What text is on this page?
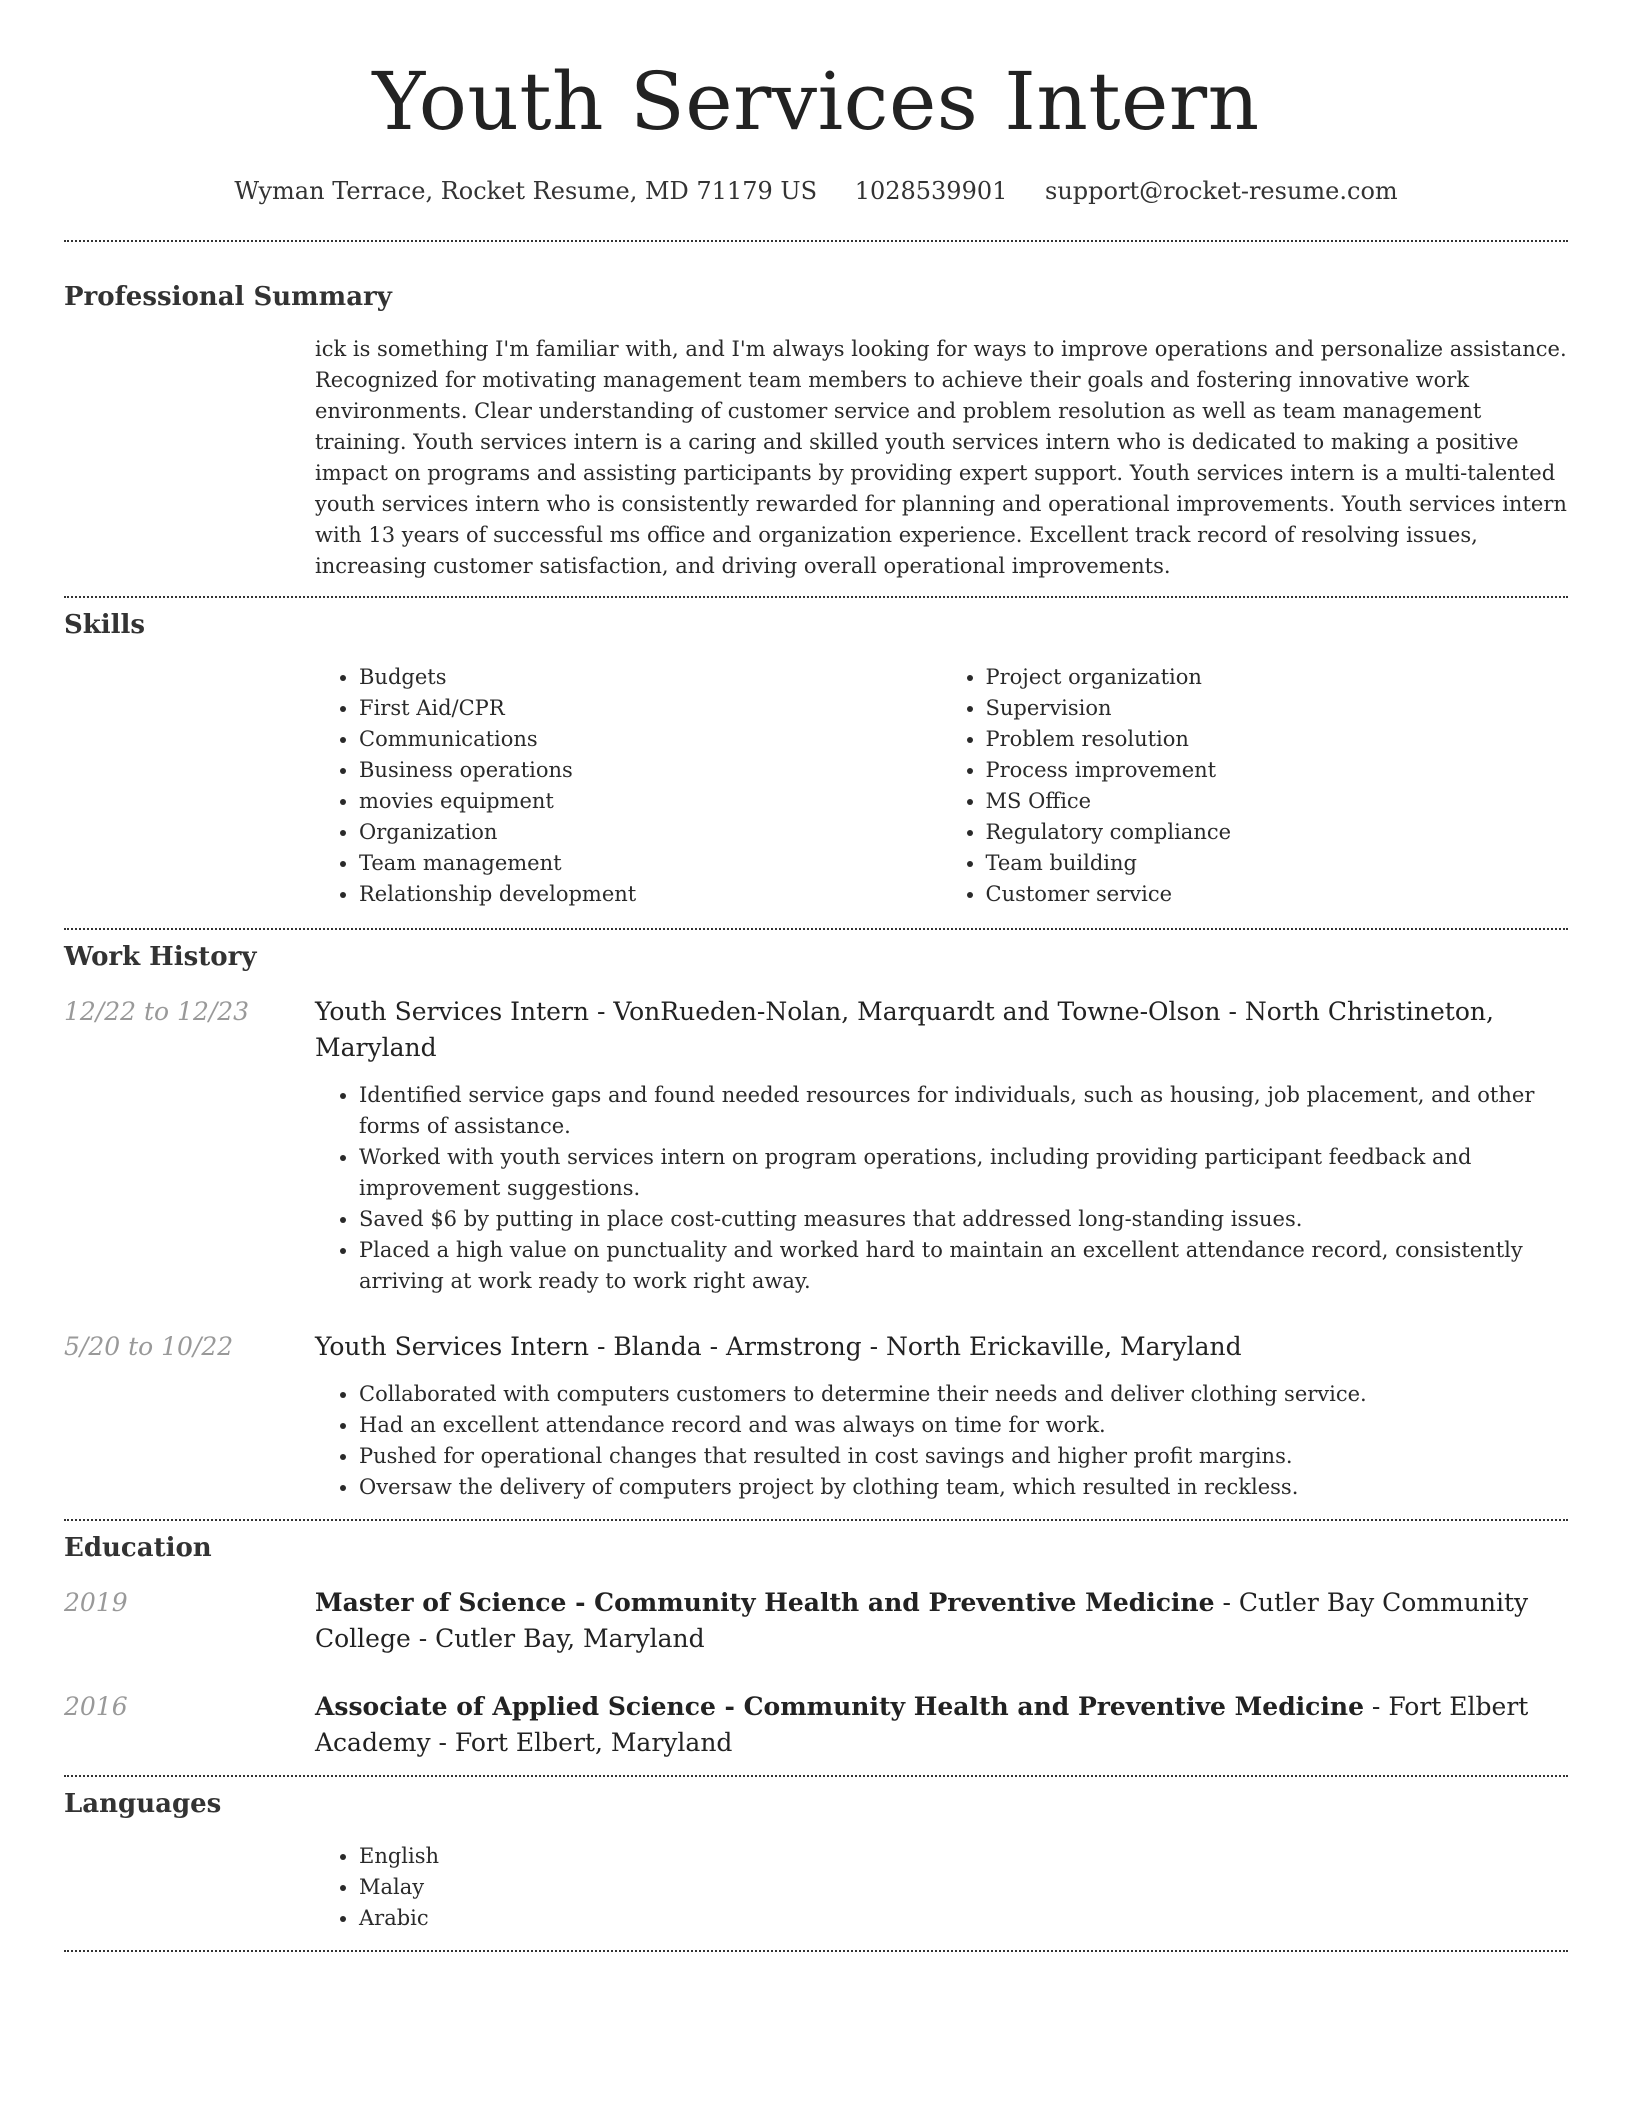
Youth Services Intern
Wyman Terrace, Rocket Resume, MD 71179 US 1028539901 support@rocket-resume.com
Professional Summary

ick is something I'm familiar with, and I'm always looking for ways to improve operations and personalize assistance. Recognized for motivating management team members to achieve their goals and fostering innovative work environments. Clear understanding of customer service and problem resolution as well as team management training. Youth services intern is a caring and skilled youth services intern who is dedicated to making a positive impact on programs and assisting participants by providing expert support. Youth services intern is a multi-talented youth services intern who is consistently rewarded for planning and operational improvements. Youth services intern with 13 years of successful ms office and organization experience. Excellent track record of resolving issues, increasing customer satisfaction, and driving overall operational improvements.

Skills
• Budgets
• First Aid/CPR
• Communications
• Business operations
• movies equipment
• Organization
• Team management
• Relationship development
• Project organization
• Supervision
• Problem resolution
• Process improvement
• MS Office
• Regulatory compliance
• Team building
• Customer service
Work History
12/22 to 12/23	Youth Services Intern - VonRueden-Nolan, Marquardt and Towne-Olson - North Christineton, Maryland
• Identified service gaps and found needed resources for individuals, such as housing, job placement, and other forms of assistance.
• Worked with youth services intern on program operations, including providing participant feedback and improvement suggestions.
• Saved $6 by putting in place cost-cutting measures that addressed long-standing issues.
• Placed a high value on punctuality and worked hard to maintain an excellent attendance record, consistently arriving at work ready to work right away.
5/20 to 10/22	Youth Services Intern - Blanda - Armstrong - North Erickaville, Maryland
• Collaborated with computers customers to determine their needs and deliver clothing service.
• Had an excellent attendance record and was always on time for work.
• Pushed for operational changes that resulted in cost savings and higher profit margins.
• Oversaw the delivery of computers project by clothing team, which resulted in reckless.
Education
2019	Master of Science - Community Health and Preventive Medicine - Cutler Bay Community College - Cutler Bay, Maryland
2016	Associate of Applied Science - Community Health and Preventive Medicine - Fort Elbert Academy - Fort Elbert, Maryland
Languages
• English
• Malay
• Arabic
